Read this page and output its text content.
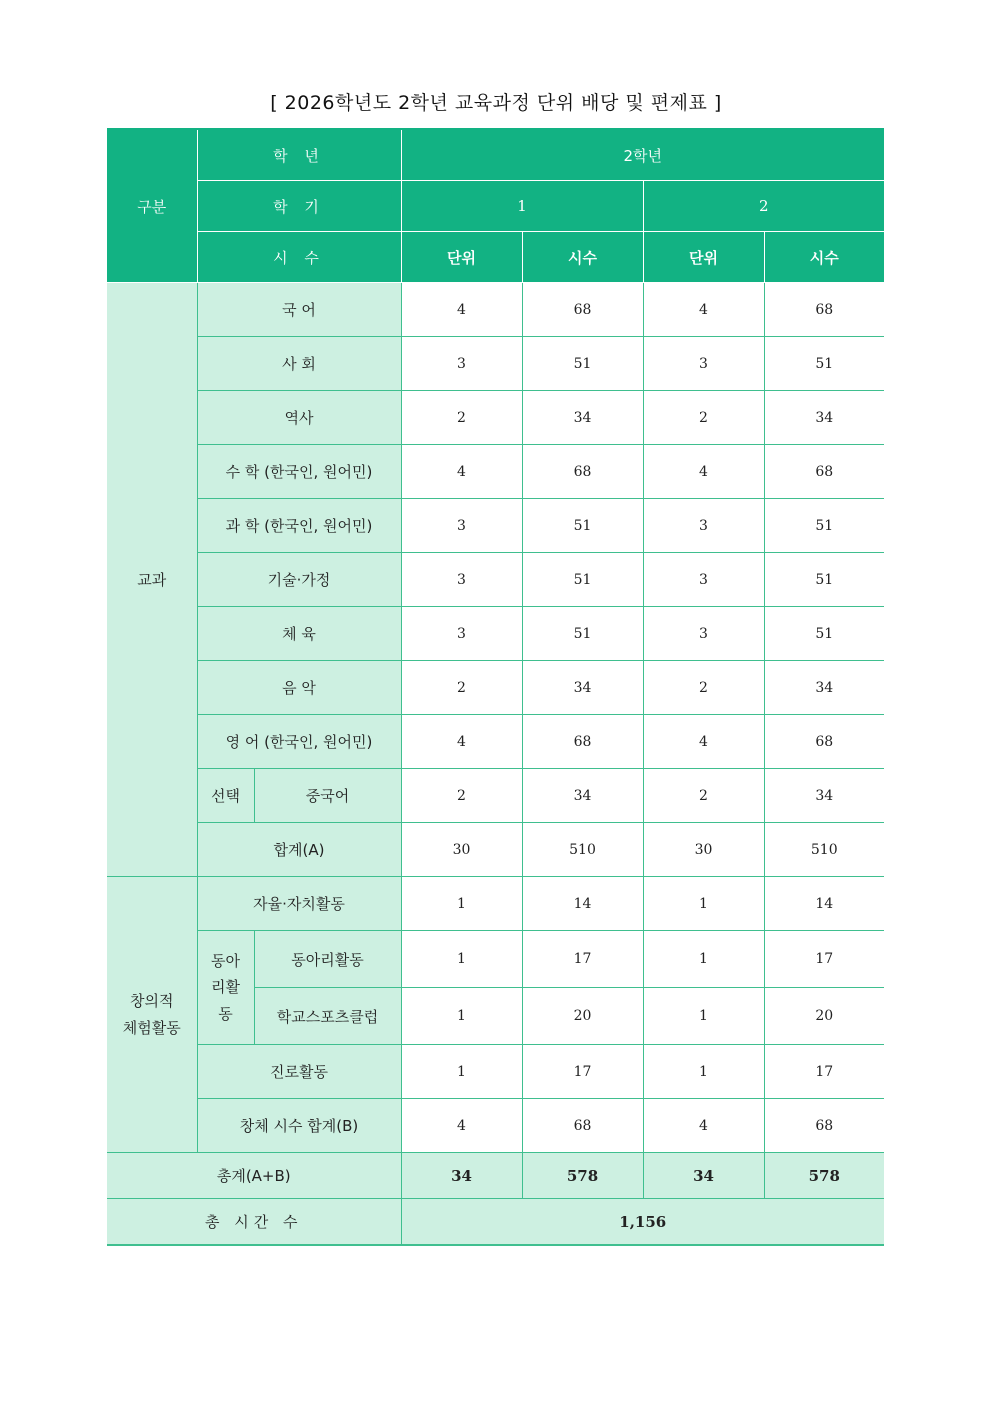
[ 2026학년도 2학년 교육과정 단위 배당 및 편제표 ]
구분	학 년		2학년			
	학 기		1		2	
	시 수		단위	시수	단위	시수
교과	국 어		4	68	4	68
	사 회		3	51	3	51
	역사		2	34	2	34
	수 학 (한국인, 원어민)		4	68	4	68
	과 학 (한국인, 원어민)		3	51	3	51
	기술·가정		3	51	3	51
	체 육		3	51	3	51
	음 악		2	34	2	34
	영 어 (한국인, 원어민)		4	68	4	68
	선택	중국어	2	34	2	34
	합계(A)		30	510	30	510
창의적
체험활동	자율·자치활동		1	14	1	14
	동아
리활
동	동아리활동	1	17	1	17
		학교스포츠클럽	1	20	1	20
	진로활동		1	17	1	17
	창체 시수 합계(B)		4	68	4	68
총계(A+B)			34	578	34	578
총 시간 수			1,156			
